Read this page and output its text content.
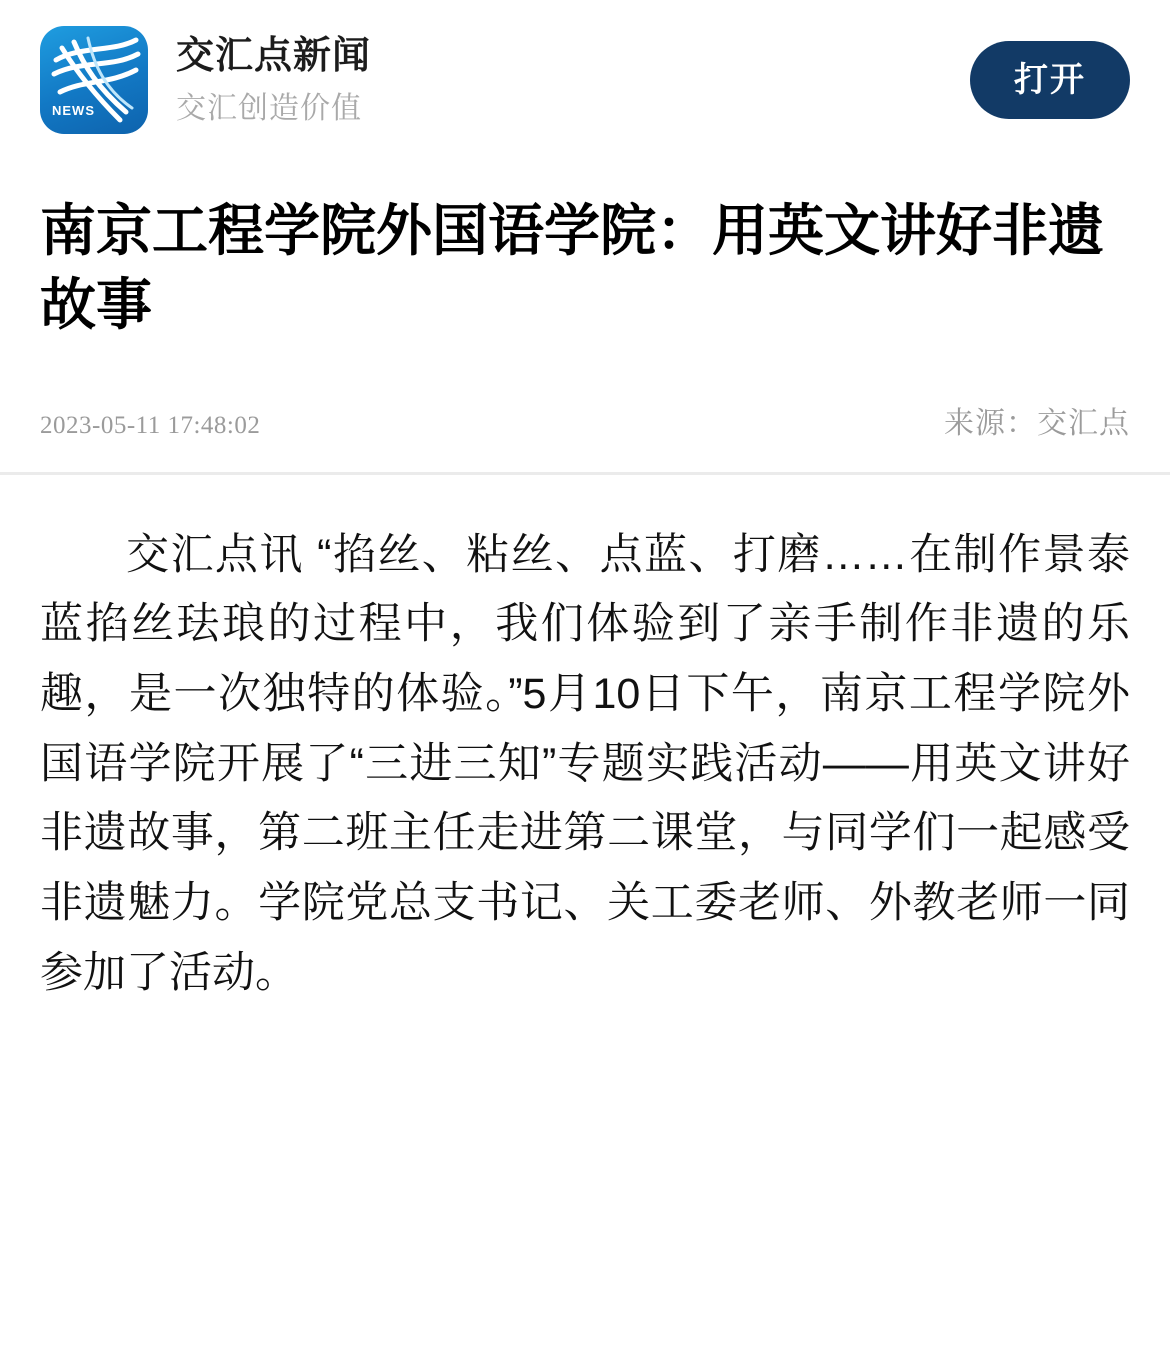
NEWS
交汇点新闻
交汇创造价值
打开
南京工程学院外国语学院：用英文讲好非遗故事
2023-05-11 17:48:02	来源：交汇点

交汇点讯 “掐丝、粘丝、点蓝、打磨……在制作景泰蓝掐丝珐琅的过程中，我们体验到了亲手制作非遗的乐趣，是一次独特的体验。”5月10日下午，南京工程学院外国语学院开展了“三进三知”专题实践活动——用英文讲好非遗故事，第二班主任走进第二课堂，与同学们一起感受非遗魅力。学院党总支书记、关工委老师、外教老师一同参加了活动。
